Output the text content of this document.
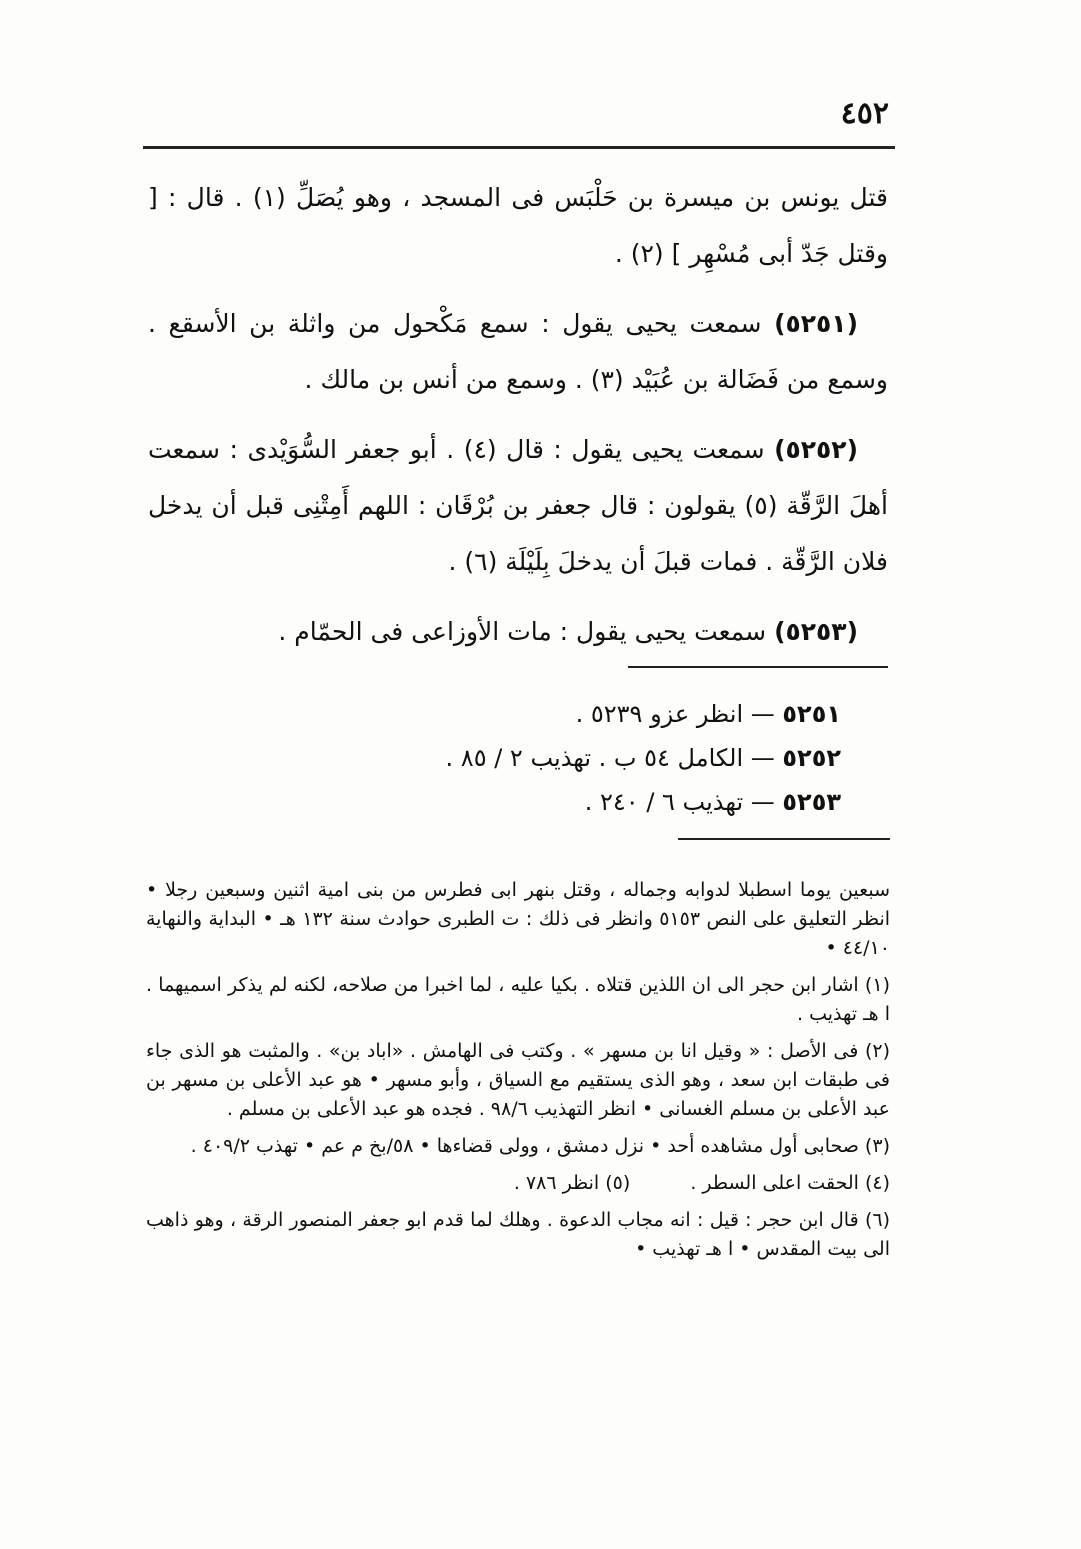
٤٥٢

قتل يونس بن ميسرة بن حَلْبَس فى المسجد ، وهو يُصَلِّ (١) . قال : [ وقتل جَدّ أبى مُسْهِر ] (٢) .

(٥٢٥١) سمعت يحيى يقول : سمع مَكْحول من واثلة بن الأسقع . وسمع من فَضَالة بن عُبَيْد (٣) . وسمع من أنس بن مالك .

(٥٢٥٢) سمعت يحيى يقول : قال (٤) . أبو جعفر السُّوَيْدى : سمعت أهلَ الرَّقّة (٥) يقولون : قال جعفر بن بُرْقَان : اللهم أَمِتْنِى قبل أن يدخل فلان الرَّقّة . فمات قبلَ أن يدخلَ بِلَيْلَة (٦) .

(٥٢٥٣) سمعت يحيى يقول : مات الأوزاعى فى الحمّام .

٥٢٥١ — انظر عزو ٥٢٣٩ .
٥٢٥٢ — الكامل ٥٤ ب . تهذيب ٢ / ٨٥ .
٥٢٥٣ — تهذيب ٦ / ٢٤٠ .

سبعين يوما اسطبلا لدوابه وجماله ، وقتل بنهر ابى فطرس من بنى امية اثنين وسبعين رجلا • انظر التعليق على النص ٥١٥٣ وانظر فى ذلك : ت الطبرى حوادث سنة ١٣٢ هـ • البداية والنهاية ٤٤/١٠ •

(١) اشار ابن حجر الى ان اللذين قتلاه . بكيا عليه ، لما اخبرا من صلاحه، لكنه لم يذكر اسميهما . ا هـ تهذيب .

(٢) فى الأصل : « وقيل انا بن مسهر » . وكتب فى الهامش . «اباد بن» . والمثبت هو الذى جاء فى طبقات ابن سعد ، وهو الذى يستقيم مع السياق ، وأبو مسهر • هو عبد الأعلى بن مسهر بن عبد الأعلى بن مسلم الغسانى • انظر التهذيب ٩٨/٦ . فجده هو عبد الأعلى بن مسلم .

(٣) صحابى أول مشاهده أحد • نزل دمشق ، وولى قضاءها • ٥٨/بخ م عم • تهذب ٤٠٩/٢ .

(٤) الحقت اعلى السطر .
(٥) انظر ٧٨٦ .

(٦) قال ابن حجر : قيل : انه مجاب الدعوة . وهلك لما قدم ابو جعفر المنصور الرقة ، وهو ذاهب الى بيت المقدس • ا هـ تهذيب •
